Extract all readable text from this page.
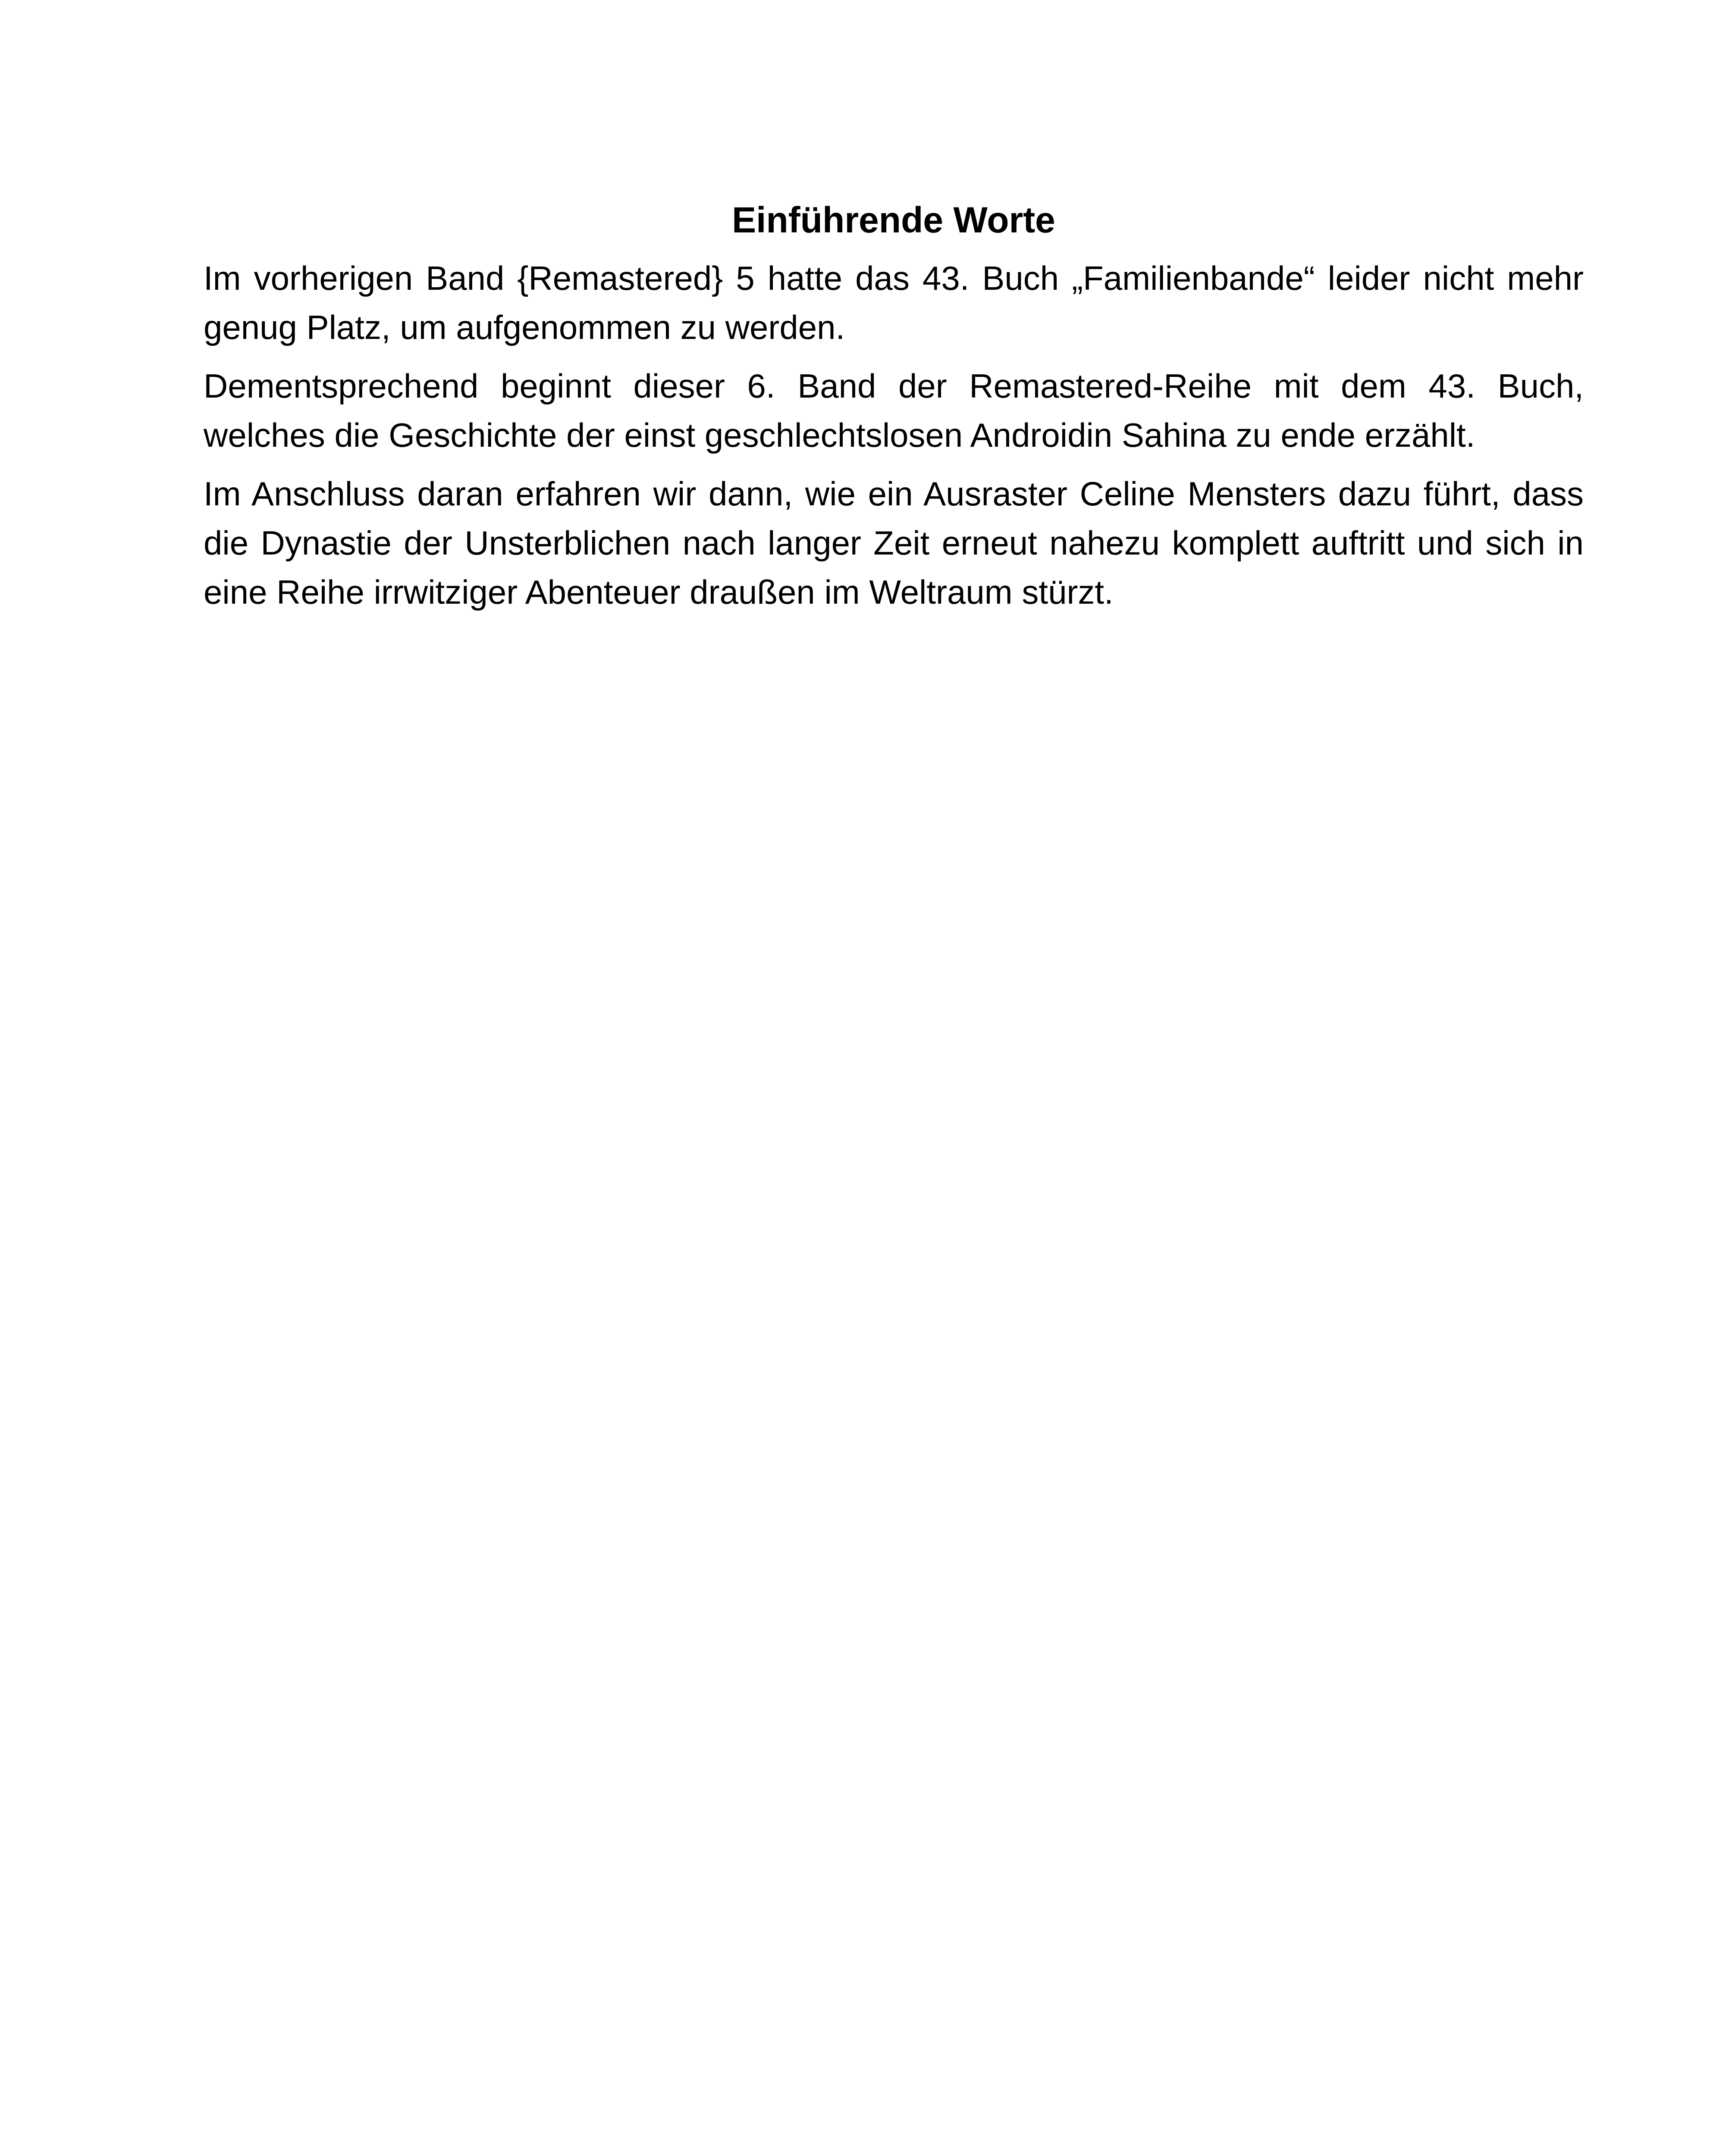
Einführende Worte

Im vorherigen Band {Remastered} 5 hatte das 43. Buch „Familienbande“ leider nicht mehr genug Platz, um aufgenommen zu werden.

Dementsprechend beginnt dieser 6. Band der Remastered-Reihe mit dem 43. Buch, welches die Geschichte der einst geschlechtslosen Androidin Sahina zu ende erzählt.

Im Anschluss daran erfahren wir dann, wie ein Ausraster Celine Mensters dazu führt, dass die Dynastie der Unsterblichen nach langer Zeit erneut nahezu komplett auftritt und sich in eine Reihe irrwitziger Abenteuer draußen im Weltraum stürzt.
